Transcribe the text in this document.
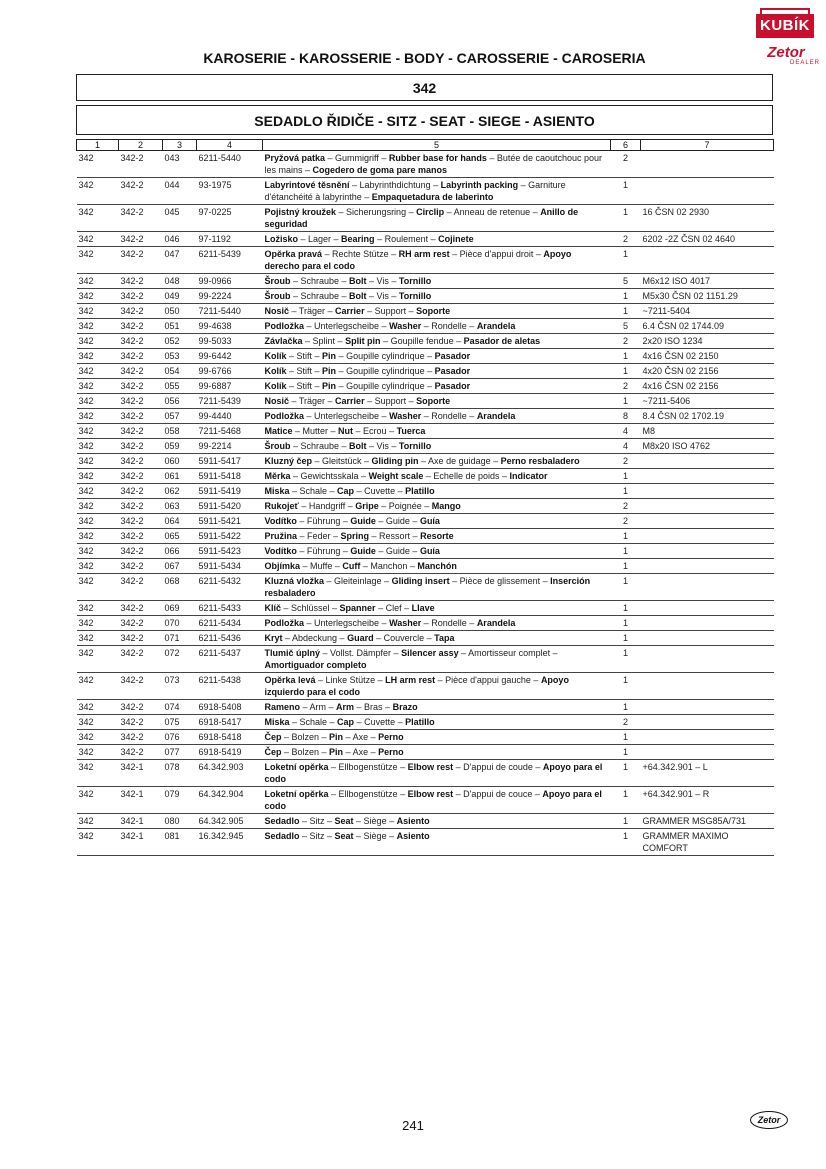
KUBÍK
Zetor
DEALER
KAROSERIE - KAROSSERIE - BODY - CAROSSERIE - CAROSERIA
342
SEDADLO ŘIDIČE - SITZ - SEAT - SIEGE - ASIENTO
1	2	3	4	5	6	7
342	342-2	043	6211-5440	Pryžová patka – Gummigriff – Rubber base for hands – Butée de caoutchouc pour les mains – Cogedero de goma pare manos	2	
342	342-2	044	93-1975	Labyrintové těsnění – Labyrinthdichtung – Labyrinth packing – Garniture d'étanchéité à labyrinthe – Empaquetadura de laberinto	1	
342	342-2	045	97-0225	Pojistný kroužek – Sicherungsring – Circlip – Anneau de retenue – Anillo de seguridad	1	16 ČSN 02 2930
342	342-2	046	97-1192	Ložisko – Lager – Bearing – Roulement – Cojinete	2	6202 -2Z ČSN 02 4640
342	342-2	047	6211-5439	Opěrka pravá – Rechte Stütze – RH arm rest – Pièce d'appui droit – Apoyo derecho para el codo	1	
342	342-2	048	99-0966	Šroub – Schraube – Bolt – Vis – Tornillo	5	M6x12 ISO 4017
342	342-2	049	99-2224	Šroub – Schraube – Bolt – Vis – Tornillo	1	M5x30 ČSN 02 1151.29
342	342-2	050	7211-5440	Nosič – Träger – Carrier – Support – Soporte	1	~7211-5404
342	342-2	051	99-4638	Podložka – Unterlegscheibe – Washer – Rondelle – Arandela	5	6.4 ČSN 02 1744.09
342	342-2	052	99-5033	Závlačka – Splint – Split pin – Goupille fendue – Pasador de aletas	2	2x20 ISO 1234
342	342-2	053	99-6442	Kolík – Stift – Pin – Goupille cylindrique – Pasador	1	4x16 ČSN 02 2150
342	342-2	054	99-6766	Kolík – Stift – Pin – Goupille cylindrique – Pasador	1	4x20 ČSN 02 2156
342	342-2	055	99-6887	Kolík – Stift – Pin – Goupille cylindrique – Pasador	2	4x16 ČSN 02 2156
342	342-2	056	7211-5439	Nosič – Träger – Carrier – Support – Soporte	1	~7211-5406
342	342-2	057	99-4440	Podložka – Unterlegscheibe – Washer – Rondelle – Arandela	8	8.4 ČSN 02 1702.19
342	342-2	058	7211-5468	Matice – Mutter – Nut – Ecrou – Tuerca	4	M8
342	342-2	059	99-2214	Šroub – Schraube – Bolt – Vis – Tornillo	4	M8x20 ISO 4762
342	342-2	060	5911-5417	Kluzný čep – Gleitstück – Gliding pin – Axe de guidage – Perno resbaladero	2	
342	342-2	061	5911-5418	Měrka – Gewichtsskala – Weight scale – Echelle de poids – Indicator	1	
342	342-2	062	5911-5419	Miska – Schale – Cap – Cuvette – Platillo	1	
342	342-2	063	5911-5420	Rukojeť – Handgriff – Gripe – Poignée – Mango	2	
342	342-2	064	5911-5421	Vodítko – Führung – Guide – Guide – Guía	2	
342	342-2	065	5911-5422	Pružina – Feder – Spring – Ressort – Resorte	1	
342	342-2	066	5911-5423	Vodítko – Führung – Guide – Guide – Guía	1	
342	342-2	067	5911-5434	Objímka – Muffe – Cuff – Manchon – Manchón	1	
342	342-2	068	6211-5432	Kluzná vložka – Gleiteinlage – Gliding insert – Pièce de glissement – Inserción resbaladero	1	
342	342-2	069	6211-5433	Klíč – Schlüssel – Spanner – Clef – Llave	1	
342	342-2	070	6211-5434	Podložka – Unterlegscheibe – Washer – Rondelle – Arandela	1	
342	342-2	071	6211-5436	Kryt – Abdeckung – Guard – Couvercle – Tapa	1	
342	342-2	072	6211-5437	Tlumič úplný – Vollst. Dämpfer – Silencer assy – Amortisseur complet – Amortiguador completo	1	
342	342-2	073	6211-5438	Opěrka levá – Linke Stütze – LH arm rest – Pièce d'appui gauche – Apoyo izquierdo para el codo	1	
342	342-2	074	6918-5408	Rameno – Arm – Arm – Bras – Brazo	1	
342	342-2	075	6918-5417	Miska – Schale – Cap – Cuvette – Platillo	2	
342	342-2	076	6918-5418	Čep – Bolzen – Pin – Axe – Perno	1	
342	342-2	077	6918-5419	Čep – Bolzen – Pin – Axe – Perno	1	
342	342-1	078	64.342.903	Loketní opěrka – Ellbogenstütze – Elbow rest – D'appui de coude – Apoyo para el codo	1	+64.342.901 – L
342	342-1	079	64.342.904	Loketní opěrka – Ellbogenstütze – Elbow rest – D'appui de couce – Apoyo para el codo	1	+64.342.901 – R
342	342-1	080	64.342.905	Sedadlo – Sitz – Seat – Siège – Asiento	1	GRAMMER MSG85A/731
342	342-1	081	16.342.945	Sedadlo – Sitz – Seat – Siège – Asiento	1	GRAMMER MAXIMO COMFORT
241	Zetor
